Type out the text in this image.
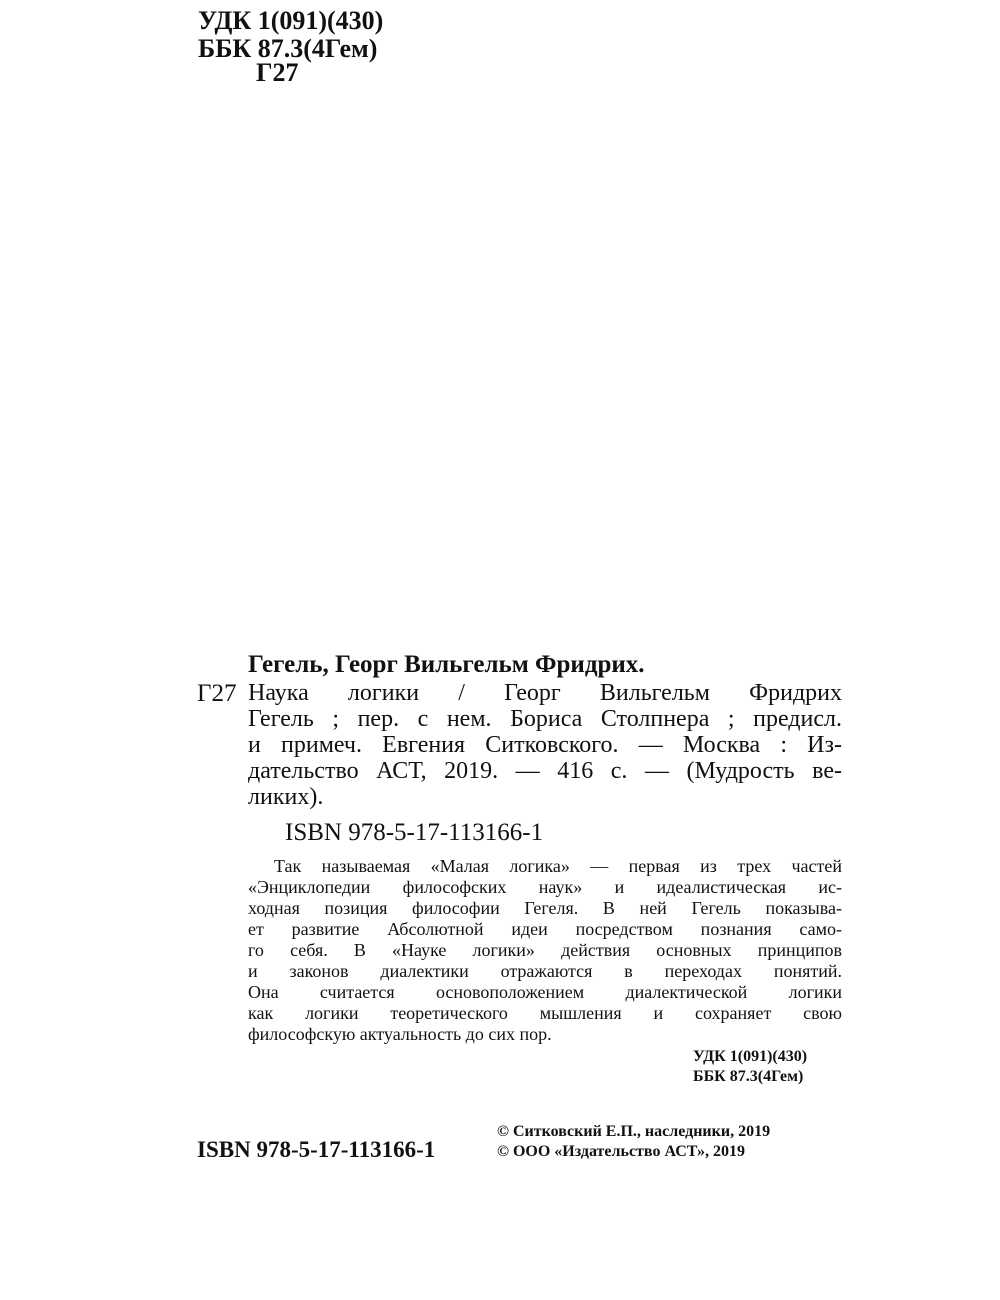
УДК 1(091)(430)
ББК 87.3(4Гем)
Г27
Гегель, Георг Вильгельм Фридрих.
Г27 Наука логики / Георг Вильгельм Фридрих
Гегель ; пер. с нем. Бориса Столпнера ; предисл.
и примеч. Евгения Ситковского. — Москва : Из-
дательство АСТ, 2019. — 416 с. — (Мудрость ве-
ликих).
ISBN 978-5-17-113166-1
Так называемая «Малая логика» — первая из трех частей
«Энциклопедии философских наук» и идеалистическая ис-
ходная позиция философии Гегеля. В ней Гегель показыва-
ет развитие Абсолютной идеи посредством познания само-
го себя. В «Науке логики» действия основных принципов
и законов диалектики отражаются в переходах понятий.
Она считается основоположением диалектической логики
как логики теоретического мышления и сохраняет свою
философскую актуальность до сих пор.
УДК 1(091)(430)
ББК 87.3(4Гем)
ISBN 978-5-17-113166-1
© Ситковский Е.П., наследники, 2019
© ООО «Издательство АСТ», 2019
